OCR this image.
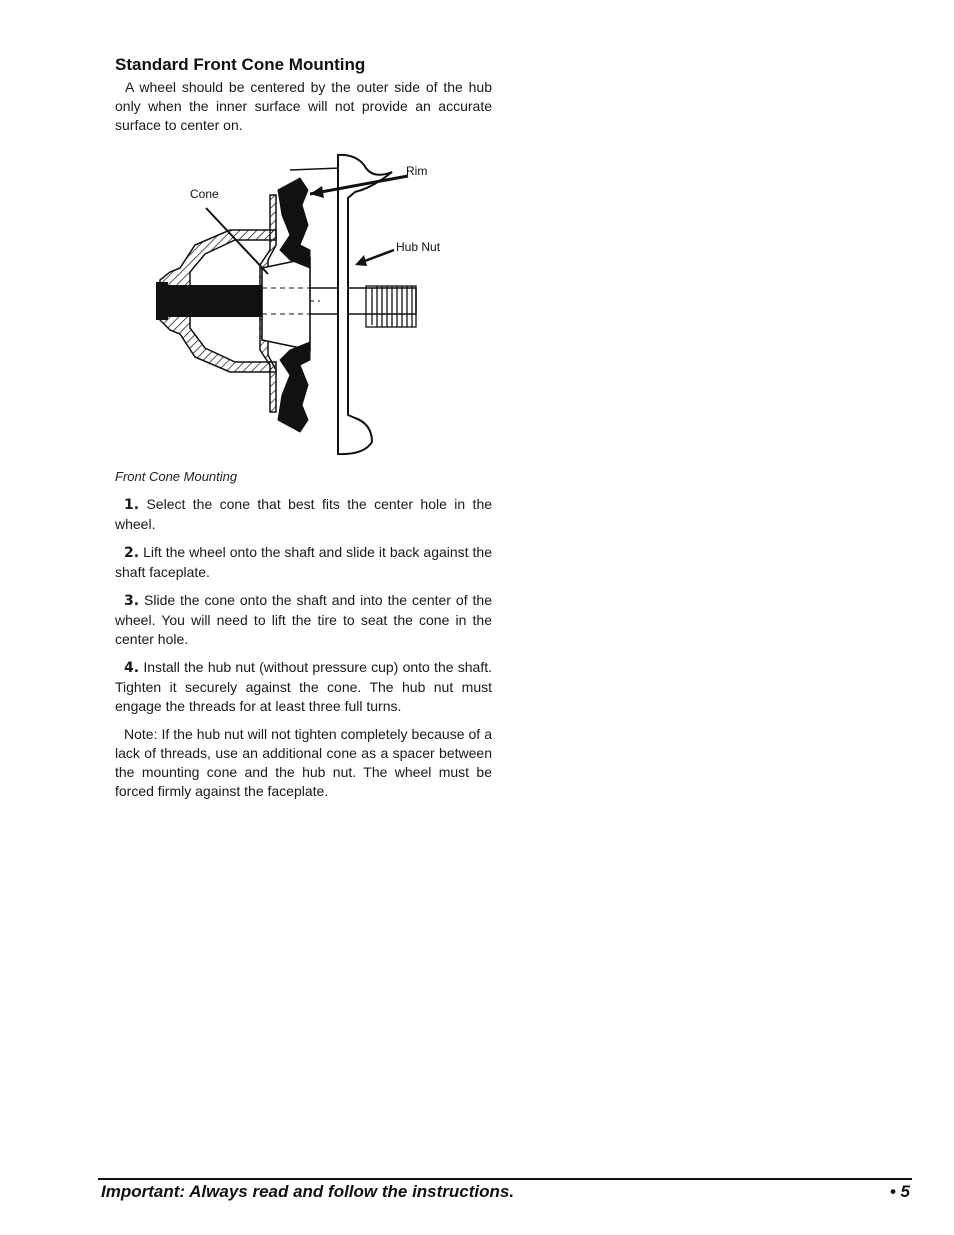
Standard Front Cone Mounting

A wheel should be centered by the outer side of the hub only when the inner surface will not provide an accurate surface to center on.

Rim
Cone
Hub Nut
Front Cone Mounting

1. Select the cone that best fits the center hole in the wheel.

2. Lift the wheel onto the shaft and slide it back against the shaft faceplate.

3. Slide the cone onto the shaft and into the center of the wheel. You will need to lift the tire to seat the cone in the center hole.

4. Install the hub nut (without pressure cup) onto the shaft. Tighten it securely against the cone. The hub nut must engage the threads for at least three full turns.

Note: If the hub nut will not tighten completely because of a lack of threads, use an additional cone as a spacer between the mounting cone and the hub nut. The wheel must be forced firmly against the faceplate.

Important: Always read and follow the instructions.	• 5
